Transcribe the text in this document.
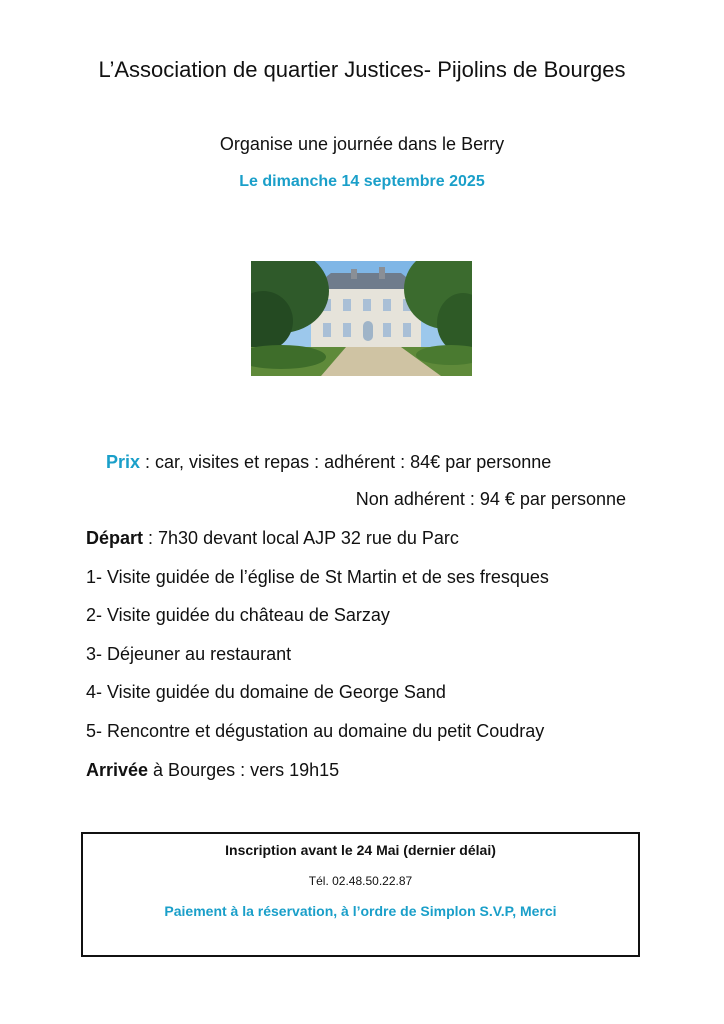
L’Association de quartier Justices- Pijolins de Bourges
Organise une journée dans le Berry
Le dimanche 14 septembre 2025
Prix : car, visites et repas : adhérent : 84€ par personne
Non adhérent : 94 € par personne
Départ : 7h30 devant local AJP 32 rue du Parc
1- Visite guidée de l’église de St Martin et de ses fresques
2- Visite guidée du château de Sarzay
3- Déjeuner au restaurant
4- Visite guidée du domaine de George Sand
5- Rencontre et dégustation au domaine du petit Coudray
Arrivée à Bourges : vers 19h15
Inscription avant le 24 Mai (dernier délai)
Tél. 02.48.50.22.87
Paiement à la réservation, à l’ordre de Simplon S.V.P, Merci
